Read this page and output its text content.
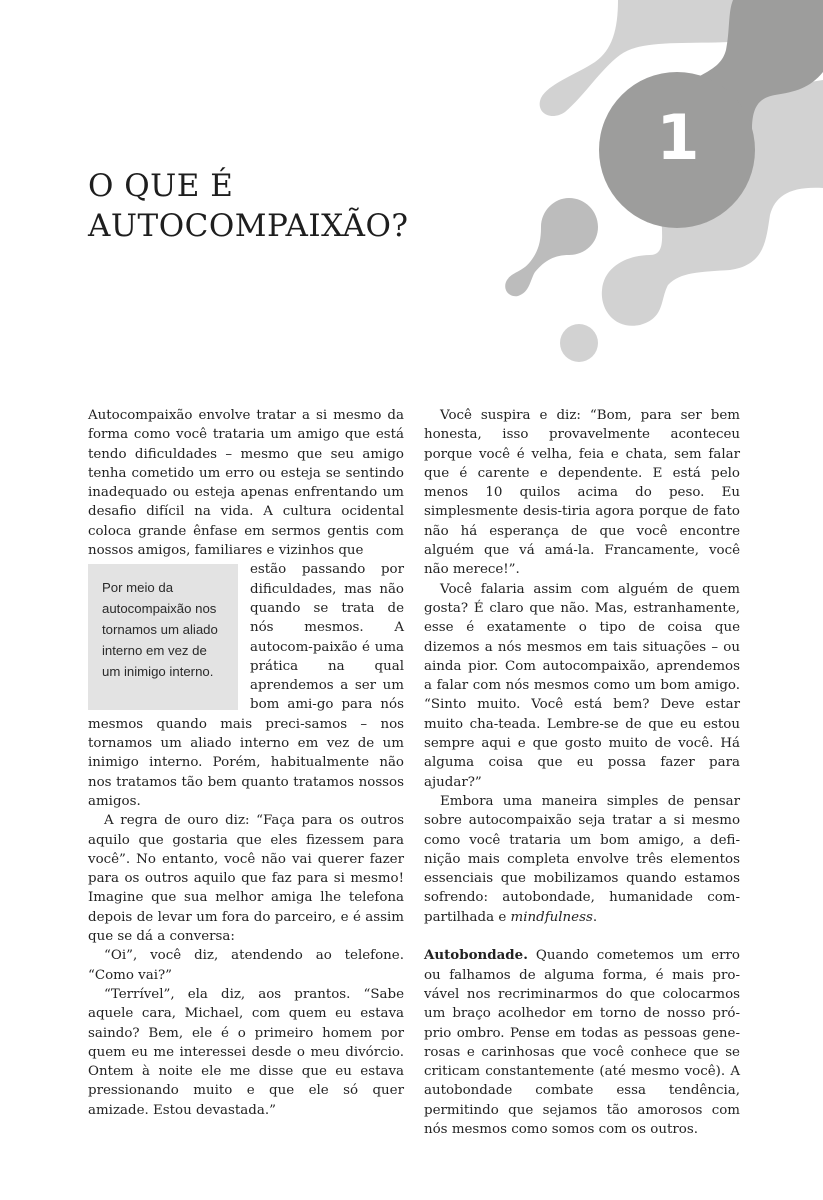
1
O QUE É
AUTOCOMPAIXÃO?

Autocompaixão envolve tratar a si mesmo da forma como você trataria um amigo que está tendo dificuldades – mesmo que seu amigo tenha cometido um erro ou esteja se sentindo inadequado ou esteja apenas enfrentando um desafio difícil na vida. A cultura ocidental coloca grande ênfase em sermos gentis com nossos amigos, familiares e vizinhos que

Por meio da autocompaixão nos tornamos um aliado interno em vez de um inimigo interno.

estão passando por dificuldades, mas não quando se trata de nós mesmos. A autocom-paixão é uma prática na qual aprendemos a ser um bom ami-go para nós mesmos quando mais preci-samos – nos tornamos um aliado interno em vez de um inimigo interno. Porém, habitualmente não nos tratamos tão bem quanto tratamos nossos amigos.

A regra de ouro diz: “Faça para os outros aquilo que gostaria que eles fizessem para você”. No entanto, você não vai querer fazer para os outros aquilo que faz para si mesmo! Imagine que sua melhor amiga lhe telefona depois de levar um fora do parceiro, e é assim que se dá a conversa:

“Oi”, você diz, atendendo ao telefone. “Como vai?”

“Terrível”, ela diz, aos prantos. “Sabe aquele cara, Michael, com quem eu estava saindo? Bem, ele é o primeiro homem por quem eu me interessei desde o meu divórcio. Ontem à noite ele me disse que eu estava pressionando muito e que ele só quer amizade. Estou devastada.”

Você suspira e diz: “Bom, para ser bem honesta, isso provavelmente aconteceu porque você é velha, feia e chata, sem falar que é carente e dependente. E está pelo menos 10 quilos acima do peso. Eu simplesmente desis-tiria agora porque de fato não há esperança de que você encontre alguém que vá amá-la. Francamente, você não merece!”.

Você falaria assim com alguém de quem gosta? É claro que não. Mas, estranhamente, esse é exatamente o tipo de coisa que dizemos a nós mesmos em tais situações – ou ainda pior. Com autocompaixão, aprendemos a falar com nós mesmos como um bom amigo. “Sinto muito. Você está bem? Deve estar muito cha-teada. Lembre-se de que eu estou sempre aqui e que gosto muito de você. Há alguma coisa que eu possa fazer para ajudar?”

Embora uma maneira simples de pensar sobre autocompaixão seja tratar a si mesmo como você trataria um bom amigo, a defi-nição mais completa envolve três elementos essenciais que mobilizamos quando estamos sofrendo: autobondade, humanidade com-partilhada e mindfulness.

Autobondade. Quando cometemos um erro ou falhamos de alguma forma, é mais pro-vável nos recriminarmos do que colocarmos um braço acolhedor em torno de nosso pró-prio ombro. Pense em todas as pessoas gene-rosas e carinhosas que você conhece que se criticam constantemente (até mesmo você). A autobondade combate essa tendência, permitindo que sejamos tão amorosos com nós mesmos como somos com os outros.
